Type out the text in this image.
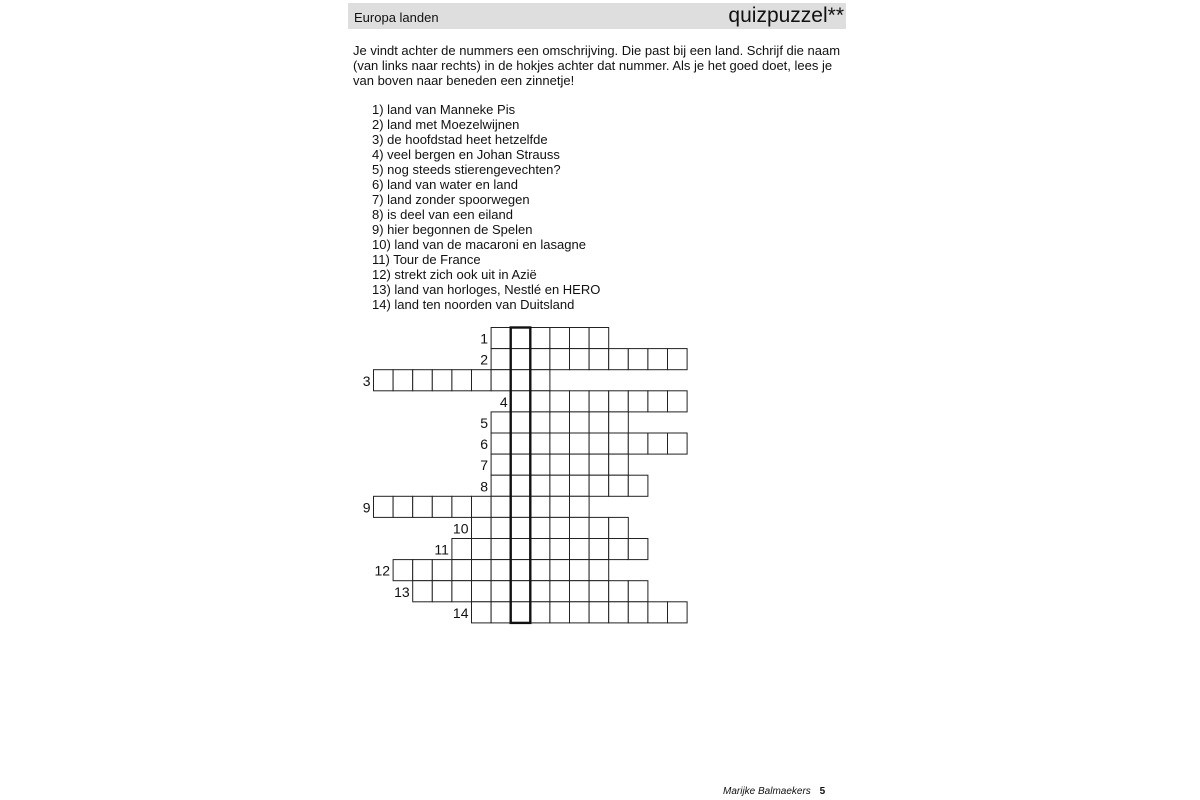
Europa landen	quizpuzzel**

Je vindt achter de nummers een omschrijving. Die past bij een land. Schrijf die naam (van links naar rechts) in de hokjes achter dat nummer. Als je het goed doet, lees je van boven naar beneden een zinnetje!

1) land van Manneke Pis
2) land met Moezelwijnen
3) de hoofdstad heet hetzelfde
4) veel bergen en Johan Strauss
5) nog steeds stierengevechten?
6) land van water en land
7) land zonder spoorwegen
8) is deel van een eiland
9) hier begonnen de Spelen
10) land van de macaroni en lasagne
11) Tour de France
12) strekt zich ook uit in Azië
13) land van horloges, Nestlé en HERO
14) land ten noorden van Duitsland
1
2
3
4
5
6
7
8
9
10
11
12
13
14
Marijke Balmaekers 5
